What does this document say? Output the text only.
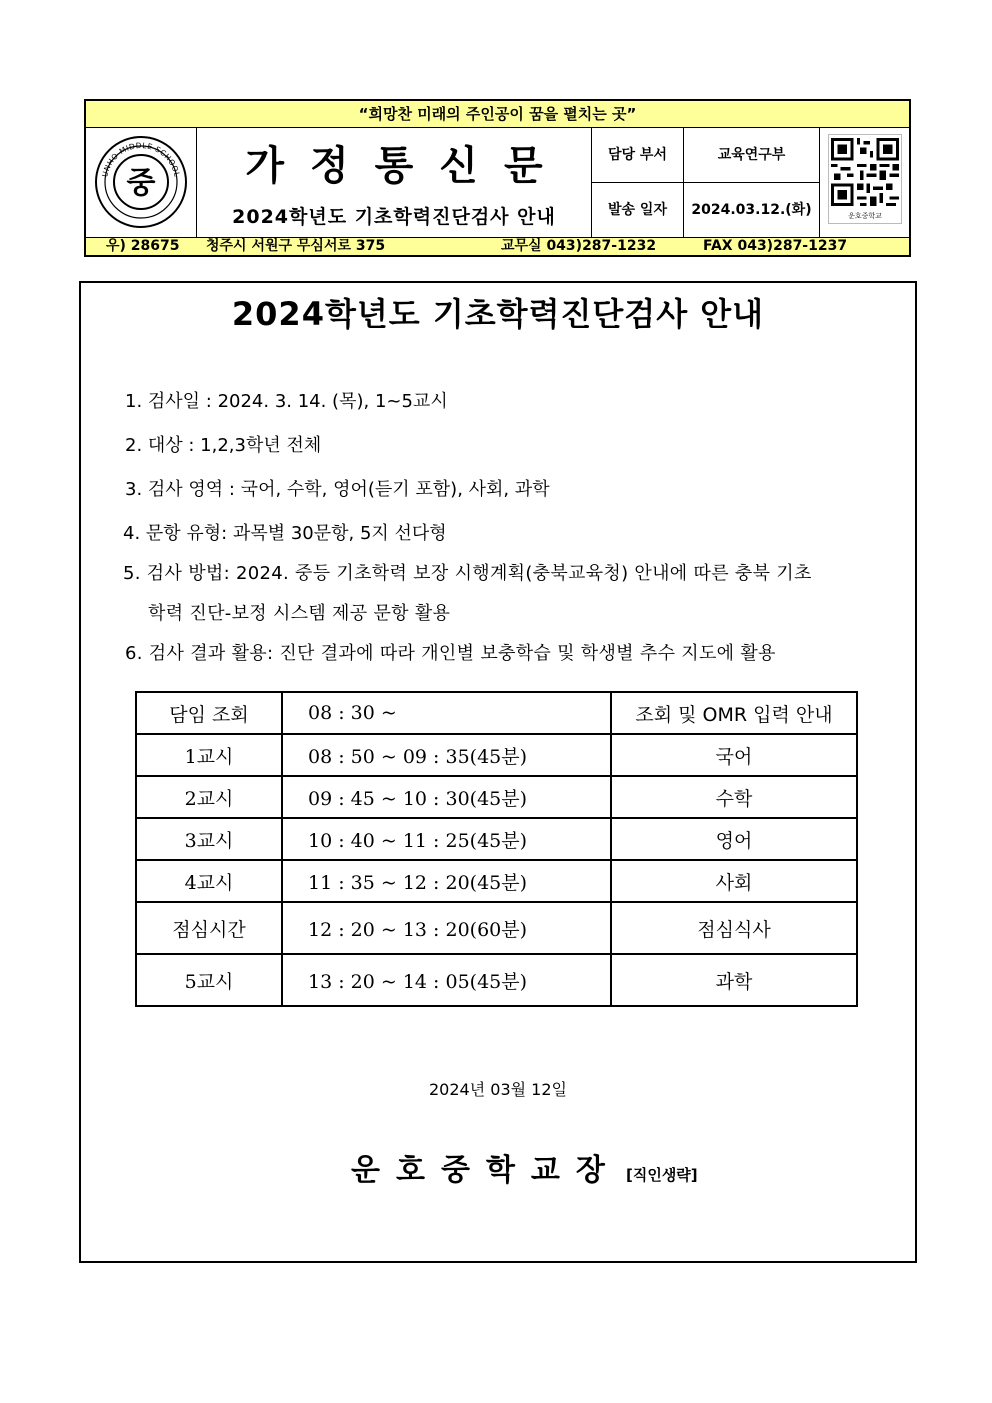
“희망찬 미래의 주인공이 꿈을 펼치는 곳”
UNHO MIDDLE SCHOOL
중	가정통신문
2024학년도 기초학력진단검사 안내
담당 부서	교육연구부
발송 일자	2024.03.12.(화)	운호중학교
우) 28675 청주시 서원구 무심서로 375	교무실 043)287-1232	FAX 043)287-1237
2024학년도 기초학력진단검사 안내
1. 검사일 : 2024. 3. 14. (목), 1~5교시
2. 대상 : 1,2,3학년 전체
3. 검사 영역 : 국어, 수학, 영어(듣기 포함), 사회, 과학
4. 문항 유형: 과목별 30문항, 5지 선다형
5. 검사 방법: 2024. 중등 기초학력 보장 시행계획(충북교육청) 안내에 따른 충북 기초
학력 진단-보정 시스템 제공 문항 활용
6. 검사 결과 활용: 진단 결과에 따라 개인별 보충학습 및 학생별 추수 지도에 활용
담임 조회	08 : 30 ~	조회 및 OMR 입력 안내
1교시	08 : 50 ~ 09 : 35(45분)	국어
2교시	09 : 45 ~ 10 : 30(45분)	수학
3교시	10 : 40 ~ 11 : 25(45분)	영어
4교시	11 : 35 ~ 12 : 20(45분)	사회
점심시간	12 : 20 ~ 13 : 20(60분)	점심식사
5교시	13 : 20 ~ 14 : 05(45분)	과학
2024년 03월 12일
운호중학교장 [직인생략]
